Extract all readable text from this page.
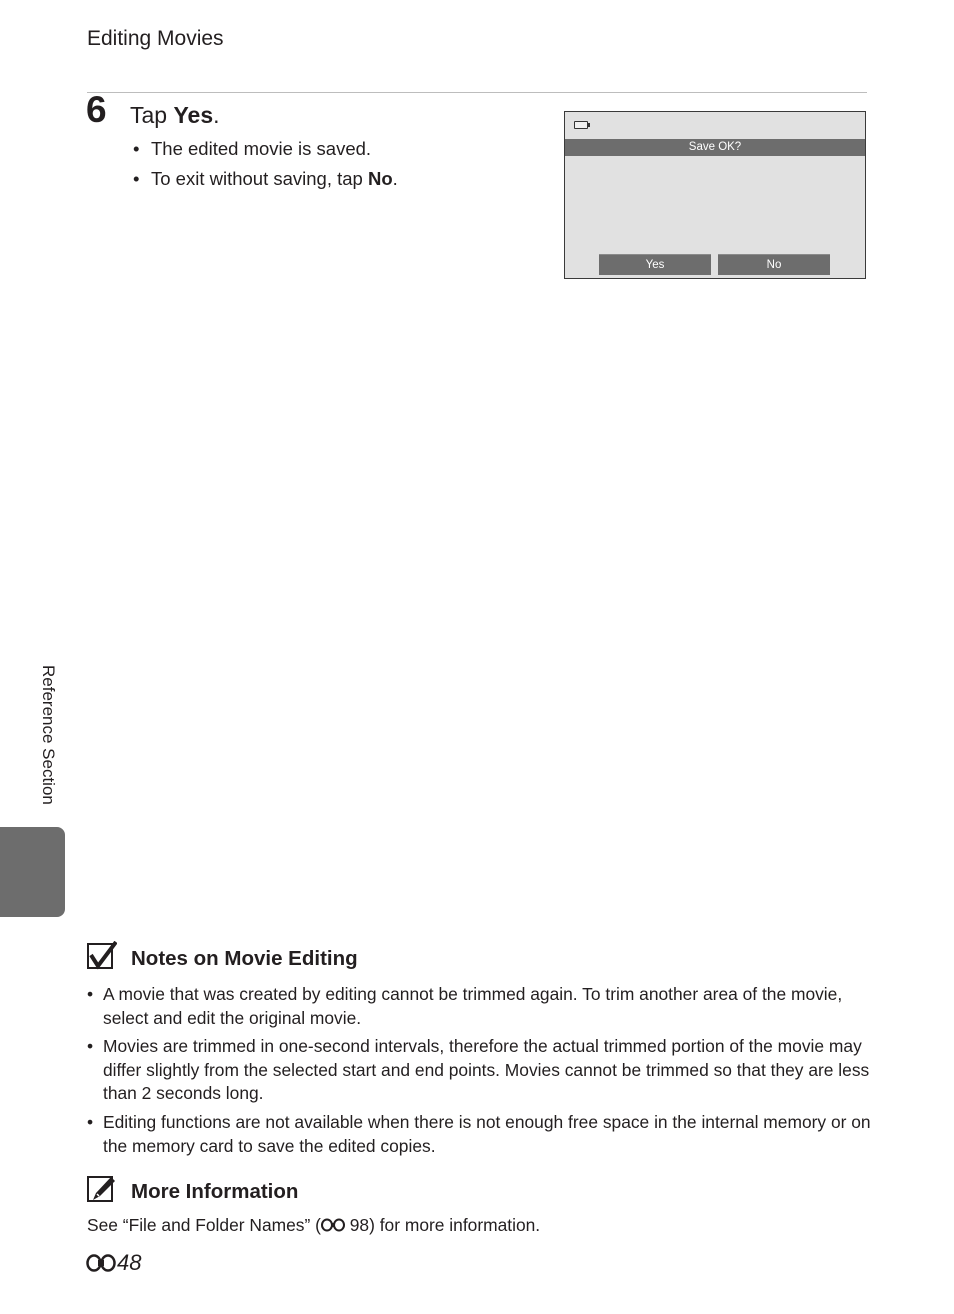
Editing Movies
6 Tap Yes.
• The edited movie is saved.
• To exit without saving, tap No.
Save OK?
Yes	No
Reference Section
Notes on Movie Editing
• A movie that was created by editing cannot be trimmed again. To trim another area of the movie, select and edit the original movie.
• Movies are trimmed in one-second intervals, therefore the actual trimmed portion of the movie may differ slightly from the selected start and end points. Movies cannot be trimmed so that they are less than 2 seconds long.
• Editing functions are not available when there is not enough free space in the internal memory or on the memory card to save the edited copies.
More Information
See “File and Folder Names” ( 98) for more information.
48
